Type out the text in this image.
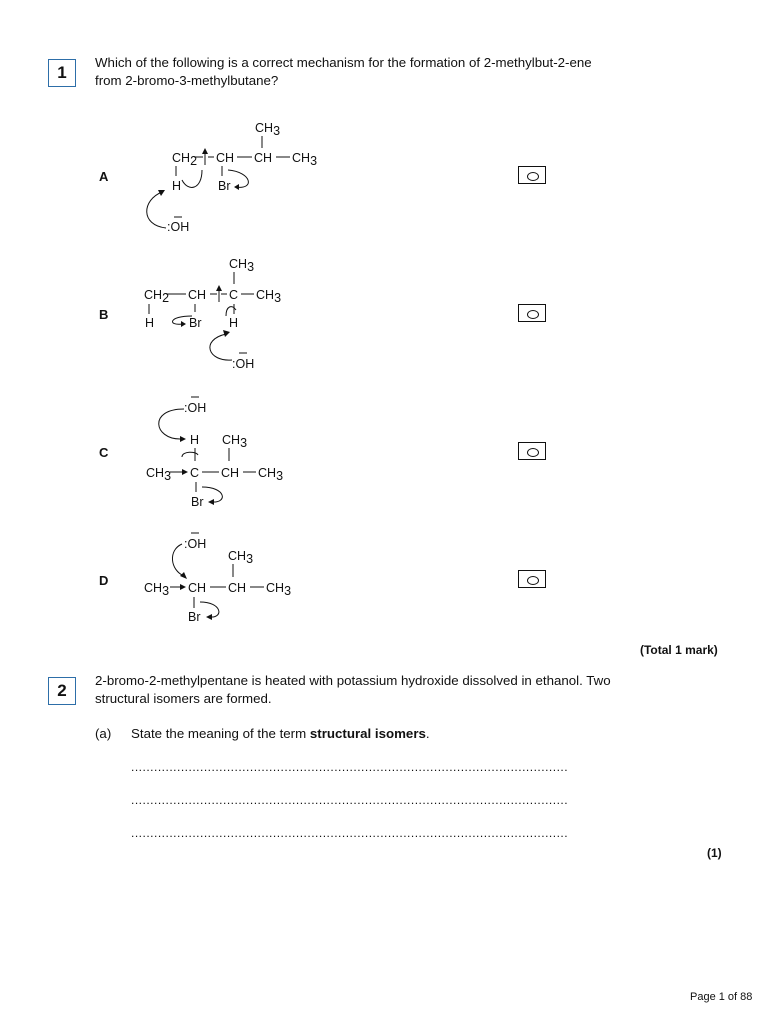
1
Which of the following is a correct mechanism for the formation of 2-methylbut-2-ene
from 2-bromo-3-methylbutane?
A
CH3
CH2 CH CH CH3
H	Br
:OH
B
CH3
CH2 CH C CH3
H	Br H
:OH
C
:OH
H CH3
CH3 C CH CH3
Br
D
:OH
CH3
CH3 CH CH CH3
Br
(Total 1 mark)
2
2-bromo-2-methylpentane is heated with potassium hydroxide dissolved in ethanol. Two
structural isomers are formed.
(a) State the meaning of the term structural isomers.
..................................................................................................................
..................................................................................................................
..................................................................................................................
(1)
Page 1 of 88
